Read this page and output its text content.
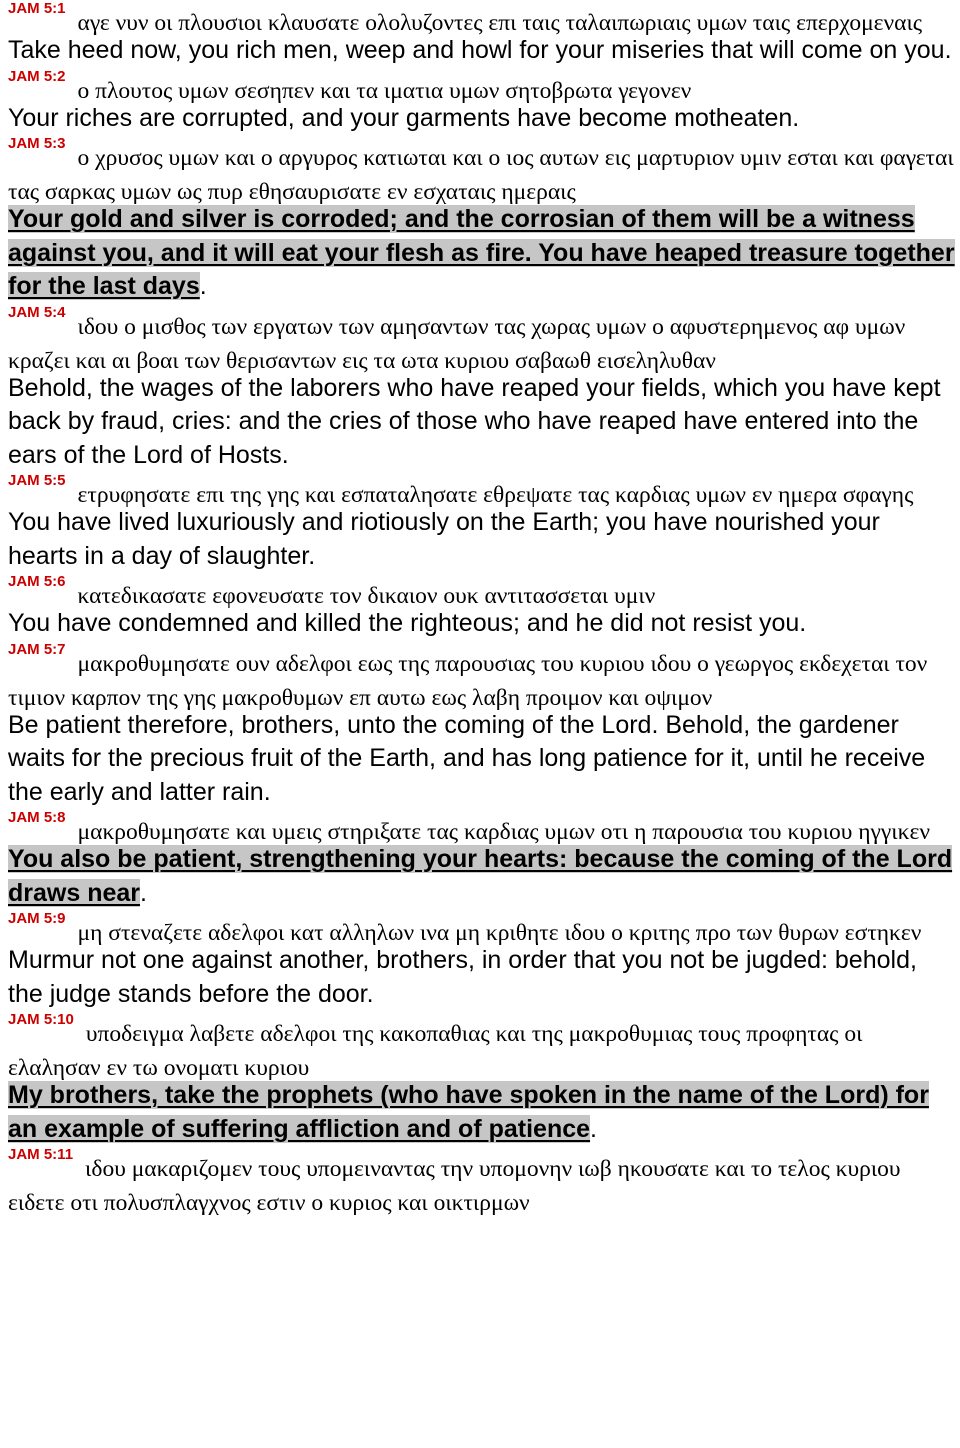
JAM 5:1αγε νυν οι πλουσιοι κλαυσατε ολολυζοντες επι ταις ταλαιπωριαις υμων ταις επερχομεναις

Take heed now, you rich men, weep and howl for your miseries that will come on you.

JAM 5:2ο πλουτος υμων σεσηπεν και τα ιματια υμων σητοβρωτα γεγονεν

Your riches are corrupted, and your garments have become motheaten.

JAM 5:3ο χρυσος υμων και ο αργυρος κατιωται και ο ιος αυτων εις μαρτυριον υμιν εσται και φαγεται τας σαρκας υμων ως πυρ εθησαυρισατε εν εσχαταις ημεραις

Your gold and silver is corroded; and the corrosian of them will be a witness against you, and it will eat your flesh as fire. You have heaped treasure together for the last days.

JAM 5:4ιδου ο μισθος των εργατων των αμησαντων τας χωρας υμων ο αφυστερημενος αφ υμων κραζει και αι βοαι των θερισαντων εις τα ωτα κυριου σαβαωθ εισεληλυθαν

Behold, the wages of the laborers who have reaped your fields, which you have kept back by fraud, cries: and the cries of those who have reaped have entered into the ears of the Lord of Hosts.

JAM 5:5ετρυφησατε επι της γης και εσπαταλησατε εθρεψατε τας καρδιας υμων εν ημερα σφαγης

You have lived luxuriously and riotiously on the Earth; you have nourished your hearts in a day of slaughter.

JAM 5:6κατεδικασατε εφονευσατε τον δικαιον ουκ αντιτασσεται υμιν

You have condemned and killed the righteous; and he did not resist you.

JAM 5:7μακροθυμησατε ουν αδελφοι εως της παρουσιας του κυριου ιδου ο γεωργος εκδεχεται τον τιμιον καρπον της γης μακροθυμων επ αυτω εως λαβη προιμον και οψιμον

Be patient therefore, brothers, unto the coming of the Lord. Behold, the gardener waits for the precious fruit of the Earth, and has long patience for it, until he receive the early and latter rain.

JAM 5:8μακροθυμησατε και υμεις στηριξατε τας καρδιας υμων οτι η παρουσια του κυριου ηγγικεν

You also be patient, strengthening your hearts: because the coming of the Lord draws near.

JAM 5:9μη στεναζετε αδελφοι κατ αλληλων ινα μη κριθητε ιδου ο κριτης προ των θυρων εστηκεν

Murmur not one against another, brothers, in order that you not be jugded: behold, the judge stands before the door.

JAM 5:10υποδειγμα λαβετε αδελφοι της κακοπαθιας και της μακροθυμιας τους προφητας οι ελαλησαν εν τω ονοματι κυριου

My brothers, take the prophets (who have spoken in the name of the Lord) for an example of suffering affliction and of patience.

JAM 5:11ιδου μακαριζομεν τους υπομειναντας την υπομονην ιωβ ηκουσατε και το τελος κυριου ειδετε οτι πολυσπλαγχνος εστιν ο κυριος και οικτιρμων
